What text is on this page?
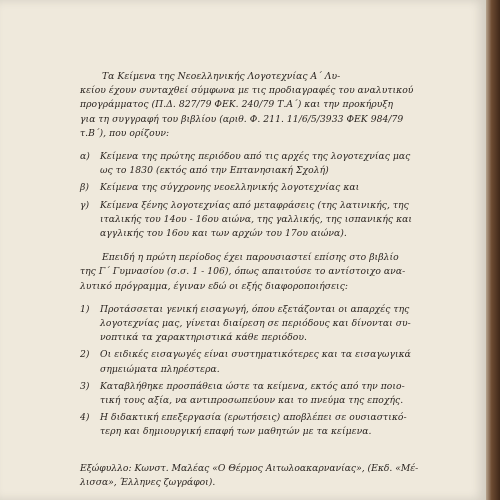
Τα Κείμενα της Νεοελληνικής Λογοτεχνίας Α΄ Λυ-
κείου έχουν συνταχθεί σύμφωνα με τις προδιαγραφές του αναλυτικού
προγράμματος (Π.Δ. 827/79 ΦΕΚ. 240/79 Τ.Α΄) και την προκήρυξη
για τη συγγραφή του βιβλίου (αριθ. Φ. 211. 11/6/5/3933 ΦΕΚ 984/79
τ.Β΄), που ορίζουν:

α) Κείμενα της πρώτης περιόδου από τις αρχές της λογοτεχνίας μας
ως το 1830 (εκτός από την Επτανησιακή Σχολή)
β) Κείμενα της σύγχρονης νεοελληνικής λογοτεχνίας και
γ) Κείμενα ξένης λογοτεχνίας από μεταφράσεις (της λατινικής, της
ιταλικής του 14ου - 16ου αιώνα, της γαλλικής, της ισπανικής και
αγγλικής του 16ου και των αρχών του 17ου αιώνα).

Επειδή η πρώτη περίοδος έχει παρουσιαστεί επίσης στο βιβλίο
της Γ΄ Γυμνασίου (σ.σ. 1 - 106), όπως απαιτούσε το αντίστοιχο ανα-
λυτικό πρόγραμμα, έγιναν εδώ οι εξής διαφοροποιήσεις:

1) Προτάσσεται γενική εισαγωγή, όπου εξετάζονται οι απαρχές της
λογοτεχνίας μας, γίνεται διαίρεση σε περιόδους και δίνονται συ-
νοπτικά τα χαρακτηριστικά κάθε περιόδου.
2) Οι ειδικές εισαγωγές είναι συστηματικότερες και τα εισαγωγικά
σημειώματα πληρέστερα.
3) Καταβλήθηκε προσπάθεια ώστε τα κείμενα, εκτός από την ποιο-
τική τους αξία, να αντιπροσωπεύουν και το πνεύμα της εποχής.
4) Η διδακτική επεξεργασία (ερωτήσεις) αποβλέπει σε ουσιαστικό-
τερη και δημιουργική επαφή των μαθητών με τα κείμενα.
Εξώφυλλο: Κωνστ. Μαλέας «Ο Θέρμος Αιτωλοακαρνανίας», (Εκδ. «Μέ-
λισσα», Έλληνες ζωγράφοι).
